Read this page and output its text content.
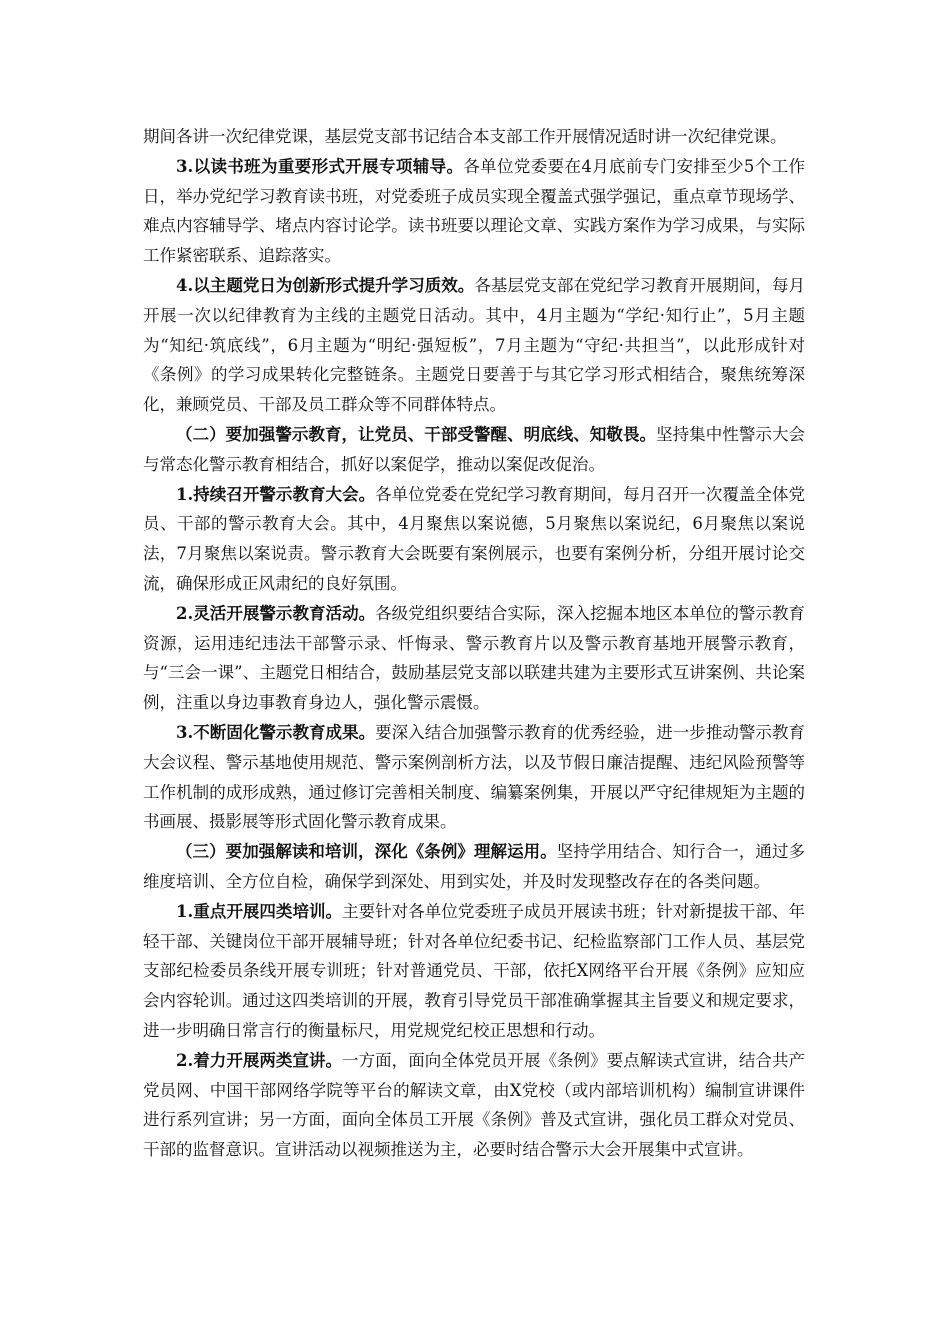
期间各讲一次纪律党课，基层党支部书记结合本支部工作开展情况适时讲一次纪律党课。

3.以读书班为重要形式开展专项辅导。各单位党委要在4月底前专门安排至少5个工作日，举办党纪学习教育读书班，对党委班子成员实现全覆盖式强学强记，重点章节现场学、难点内容辅导学、堵点内容讨论学。读书班要以理论文章、实践方案作为学习成果，与实际工作紧密联系、追踪落实。

4.以主题党日为创新形式提升学习质效。各基层党支部在党纪学习教育开展期间，每月开展一次以纪律教育为主线的主题党日活动。其中，4月主题为“学纪·知行止”，5月主题为“知纪·筑底线”，6月主题为“明纪·强短板”，7月主题为“守纪·共担当”，以此形成针对《条例》的学习成果转化完整链条。主题党日要善于与其它学习形式相结合，聚焦统筹深化，兼顾党员、干部及员工群众等不同群体特点。

（二）要加强警示教育，让党员、干部受警醒、明底线、知敬畏。坚持集中性警示大会与常态化警示教育相结合，抓好以案促学，推动以案促改促治。

1.持续召开警示教育大会。各单位党委在党纪学习教育期间，每月召开一次覆盖全体党员、干部的警示教育大会。其中，4月聚焦以案说德，5月聚焦以案说纪，6月聚焦以案说法，7月聚焦以案说责。警示教育大会既要有案例展示，也要有案例分析，分组开展讨论交流，确保形成正风肃纪的良好氛围。

2.灵活开展警示教育活动。各级党组织要结合实际，深入挖掘本地区本单位的警示教育资源，运用违纪违法干部警示录、忏悔录、警示教育片以及警示教育基地开展警示教育，与“三会一课”、主题党日相结合，鼓励基层党支部以联建共建为主要形式互讲案例、共论案例，注重以身边事教育身边人，强化警示震慑。

3.不断固化警示教育成果。要深入结合加强警示教育的优秀经验，进一步推动警示教育大会议程、警示基地使用规范、警示案例剖析方法，以及节假日廉洁提醒、违纪风险预警等工作机制的成形成熟，通过修订完善相关制度、编纂案例集，开展以严守纪律规矩为主题的书画展、摄影展等形式固化警示教育成果。

（三）要加强解读和培训，深化《条例》理解运用。坚持学用结合、知行合一，通过多维度培训、全方位自检，确保学到深处、用到实处，并及时发现整改存在的各类问题。

1.重点开展四类培训。主要针对各单位党委班子成员开展读书班；针对新提拔干部、年轻干部、关键岗位干部开展辅导班；针对各单位纪委书记、纪检监察部门工作人员、基层党支部纪检委员条线开展专训班；针对普通党员、干部，依托X网络平台开展《条例》应知应会内容轮训。通过这四类培训的开展，教育引导党员干部准确掌握其主旨要义和规定要求，进一步明确日常言行的衡量标尺，用党规党纪校正思想和行动。

2.着力开展两类宣讲。一方面，面向全体党员开展《条例》要点解读式宣讲，结合共产党员网、中国干部网络学院等平台的解读文章，由X党校（或内部培训机构）编制宣讲课件进行系列宣讲；另一方面，面向全体员工开展《条例》普及式宣讲，强化员工群众对党员、干部的监督意识。宣讲活动以视频推送为主，必要时结合警示大会开展集中式宣讲。
